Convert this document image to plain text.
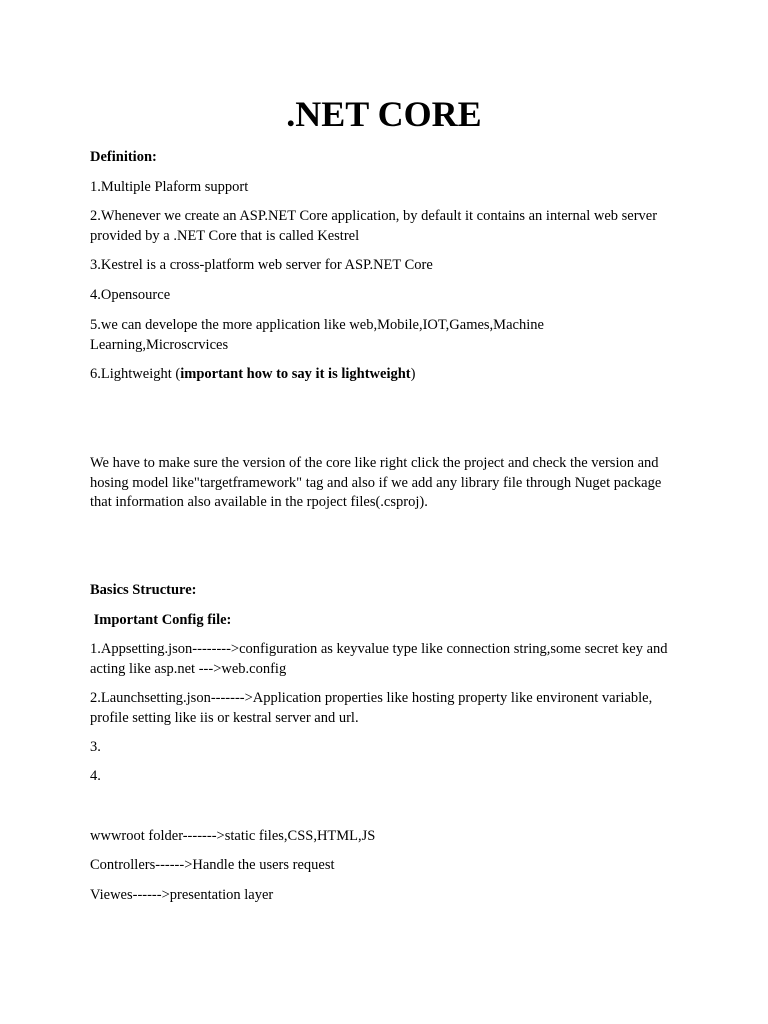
.NET CORE

Definition:

1.Multiple Plaform support

2.Whenever we create an ASP.NET Core application, by default it contains an internal web server provided by a .NET Core that is called Kestrel

3.Kestrel is a cross-platform web server for ASP.NET Core

4.Opensource

5.we can develope the more application like web,Mobile,IOT,Games,Machine Learning,Microscrvices

6.Lightweight (important how to say it is lightweight)

We have to make sure the version of the core like right click the project and check the version and hosing model like"targetframework" tag and also if we add any library file through Nuget package that information also available in the rpoject files(.csproj).

Basics Structure:

Important Config file:

1.Appsetting.json-------->configuration as keyvalue type like connection string,some secret key and acting like asp.net --->web.config

2.Launchsetting.json------->Application properties like hosting property like environent variable, profile setting like iis or kestral server and url.

3.

4.

wwwroot folder------->static files,CSS,HTML,JS

Controllers------>Handle the users request

Viewes------>presentation layer
